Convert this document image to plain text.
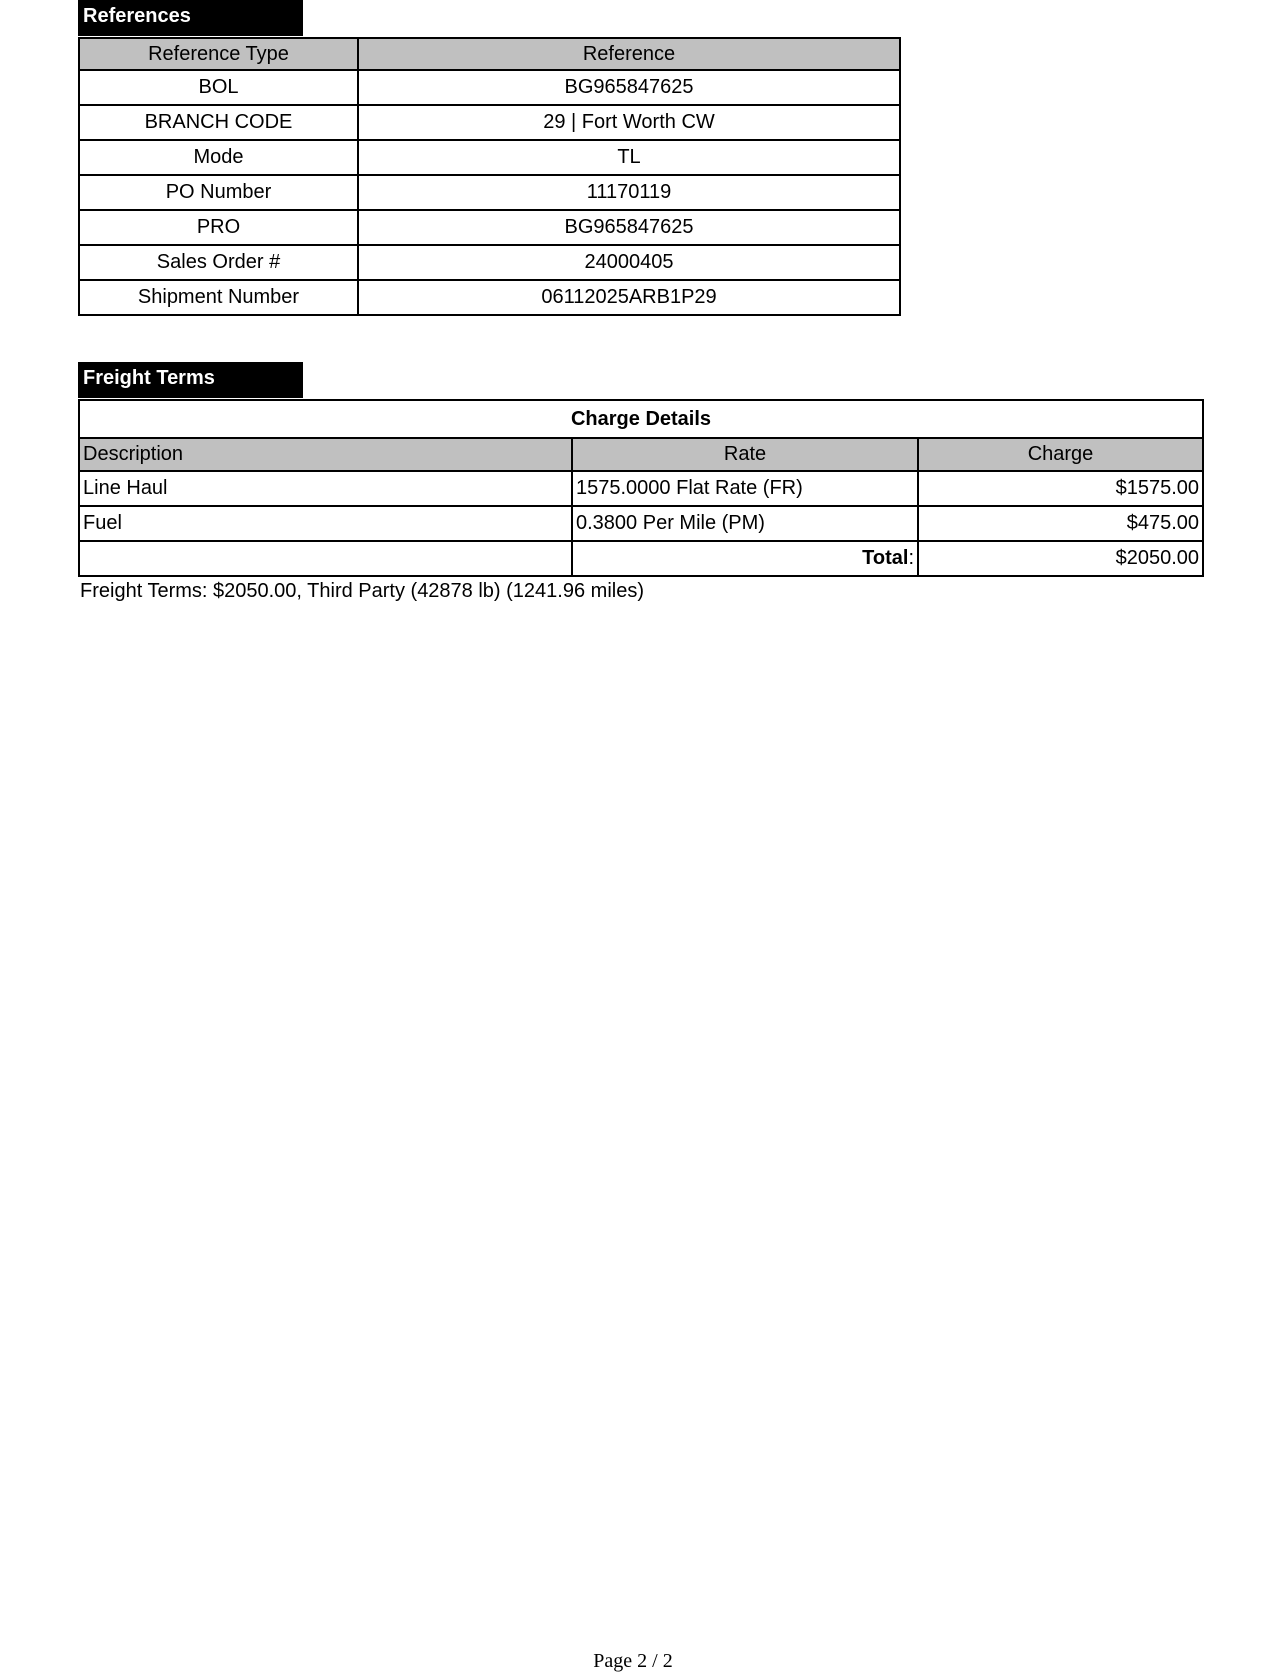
References
Reference Type	Reference
BOL	BG965847625
BRANCH CODE	29 | Fort Worth CW
Mode	TL
PO Number	11170119
PRO	BG965847625
Sales Order #	24000405
Shipment Number	06112025ARB1P29
Freight Terms
Charge Details		
Description	Rate	Charge
Line Haul	1575.0000 Flat Rate (FR)	$1575.00
Fuel	0.3800 Per Mile (PM)	$475.00
	Total:	$2050.00
Freight Terms: $2050.00, Third Party (42878 lb) (1241.96 miles)
Page 2 / 2
